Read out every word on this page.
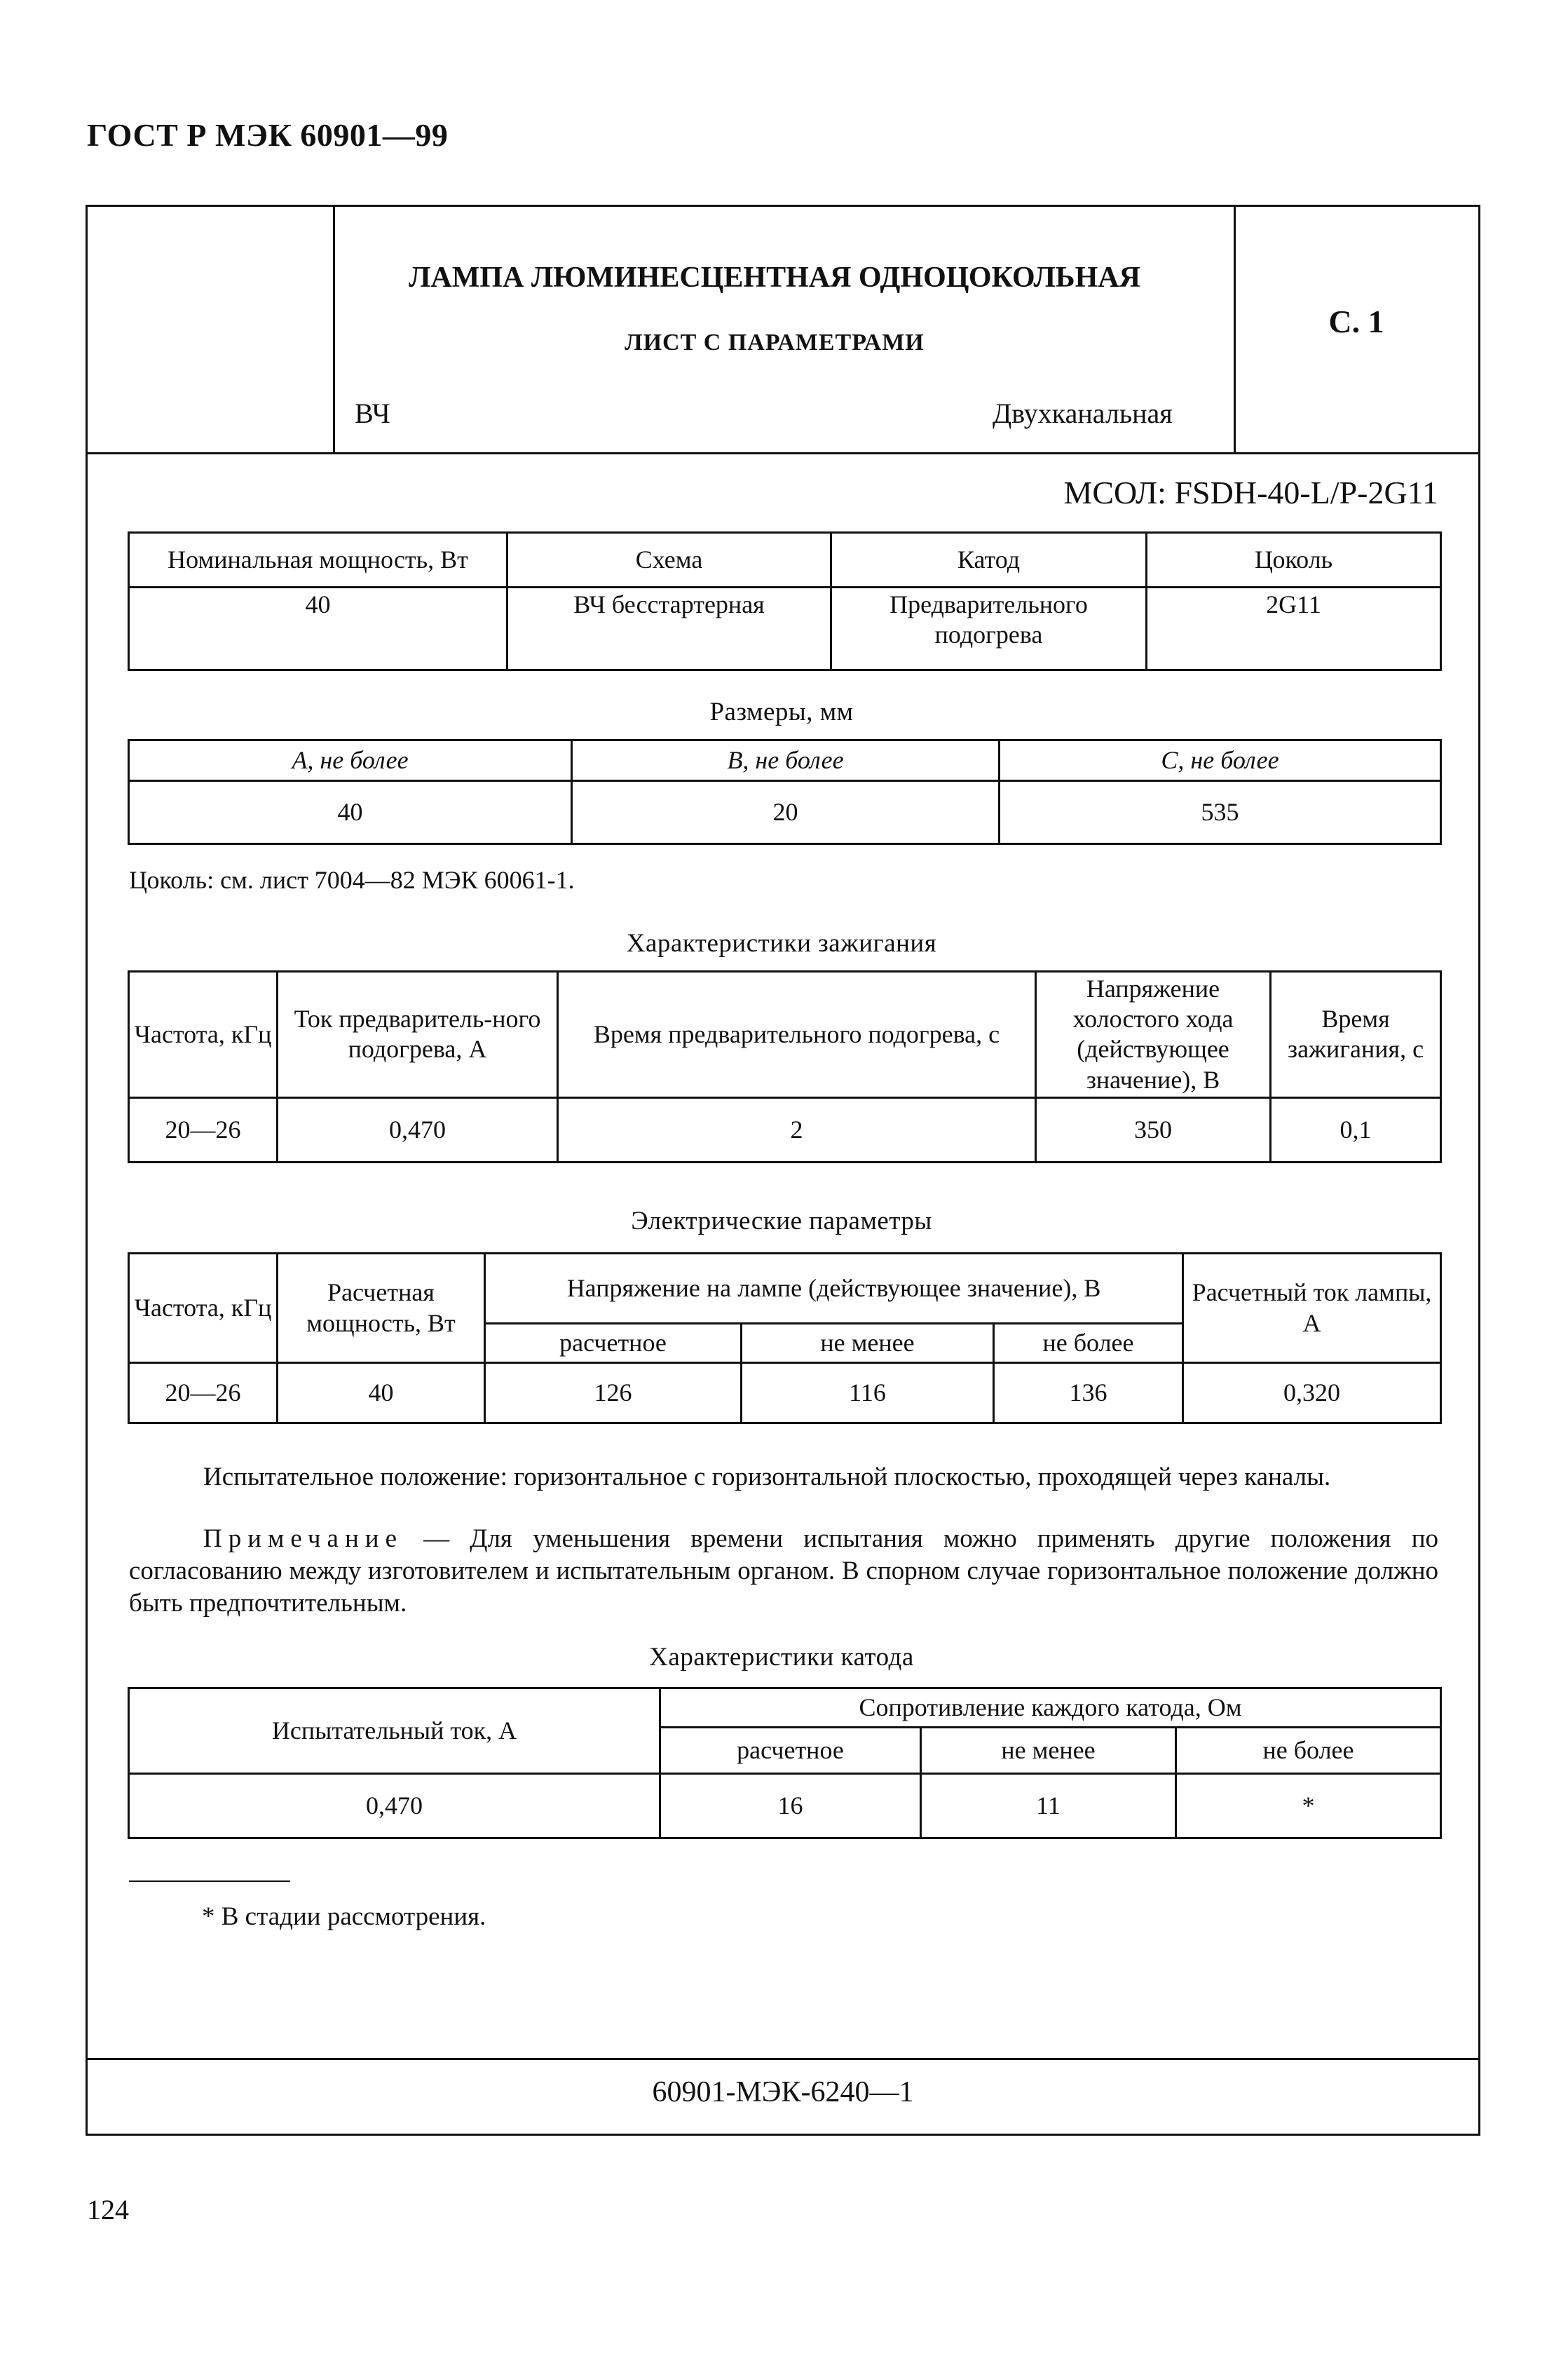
ГОСТ Р МЭК 60901—99
ЛАМПА ЛЮМИНЕСЦЕНТНАЯ ОДНОЦОКОЛЬНАЯ
ЛИСТ С ПАРАМЕТРАМИ
ВЧ	Двухканальная
С. 1
МСОЛ: FSDH-40-L/P-2G11
Номинальная мощность, Вт	Схема	Катод	Цоколь
40	ВЧ бесстартерная	Предварительного подогрева	2G11
Размеры, мм
A, не более	B, не более	C, не более
40	20	535
Цоколь: см. лист 7004—82 МЭК 60061-1.
Характеристики зажигания
Частота, кГц	Ток предваритель-ного подогрева, А	Время предварительного подогрева, с	Напряжение холостого хода (действующее значение), В	Время зажигания, с
20—26	0,470	2	350	0,1
Электрические параметры
Частота, кГц	Расчетная мощность, Вт	Напряжение на лампе (действующее значение), В			Расчетный ток лампы, А
		расчетное	не менее	не более	
20—26	40	126	116	136	0,320
Испытательное положение: горизонтальное с горизонтальной плоскостью, проходящей через каналы.
Примечание — Для уменьшения времени испытания можно применять другие положения по согласованию между изготовителем и испытательным органом. В спорном случае горизонтальное положение должно быть предпочтительным.
Характеристики катода
Испытательный ток, А	Сопротивление каждого катода, Ом		
	расчетное	не менее	не более
0,470	16	11	*
* В стадии рассмотрения.
60901-МЭК-6240—1
124
